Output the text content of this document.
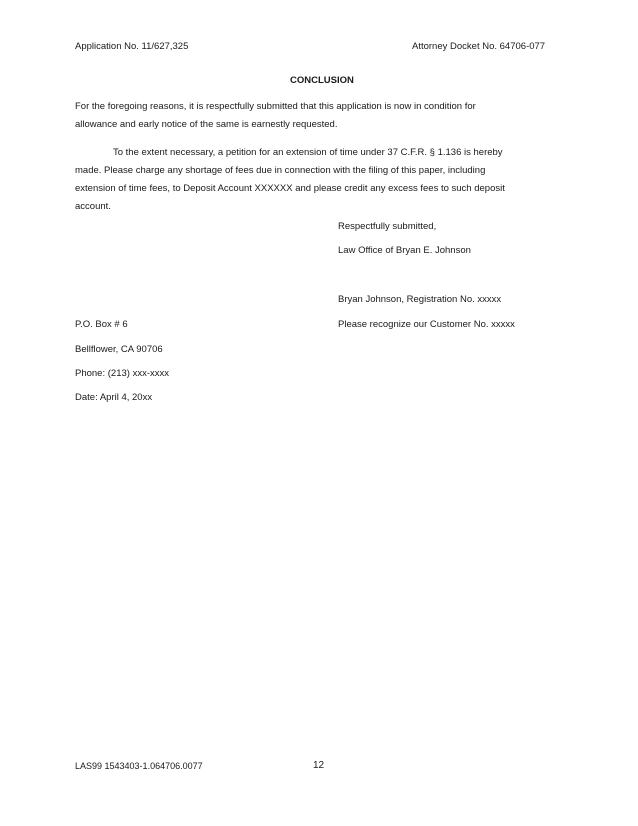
Application No. 11/627,325	Attorney Docket No. 64706-077
CONCLUSION
For the foregoing reasons, it is respectfully submitted that this application is now in condition for
allowance and early notice of the same is earnestly requested.
To the extent necessary, a petition for an extension of time under 37 C.F.R. § 1.136 is hereby
made. Please charge any shortage of fees due in connection with the filing of this paper, including
extension of time fees, to Deposit Account XXXXXX and please credit any excess fees to such deposit
account.
Respectfully submitted,
Law Office of Bryan E. Johnson
Bryan Johnson, Registration No. xxxxx
Please recognize our Customer No. xxxxx
P.O. Box # 6
Bellflower, CA 90706
Phone: (213) xxx-xxxx
Date: April 4, 20xx
LAS99 1543403-1.064706.0077	12
